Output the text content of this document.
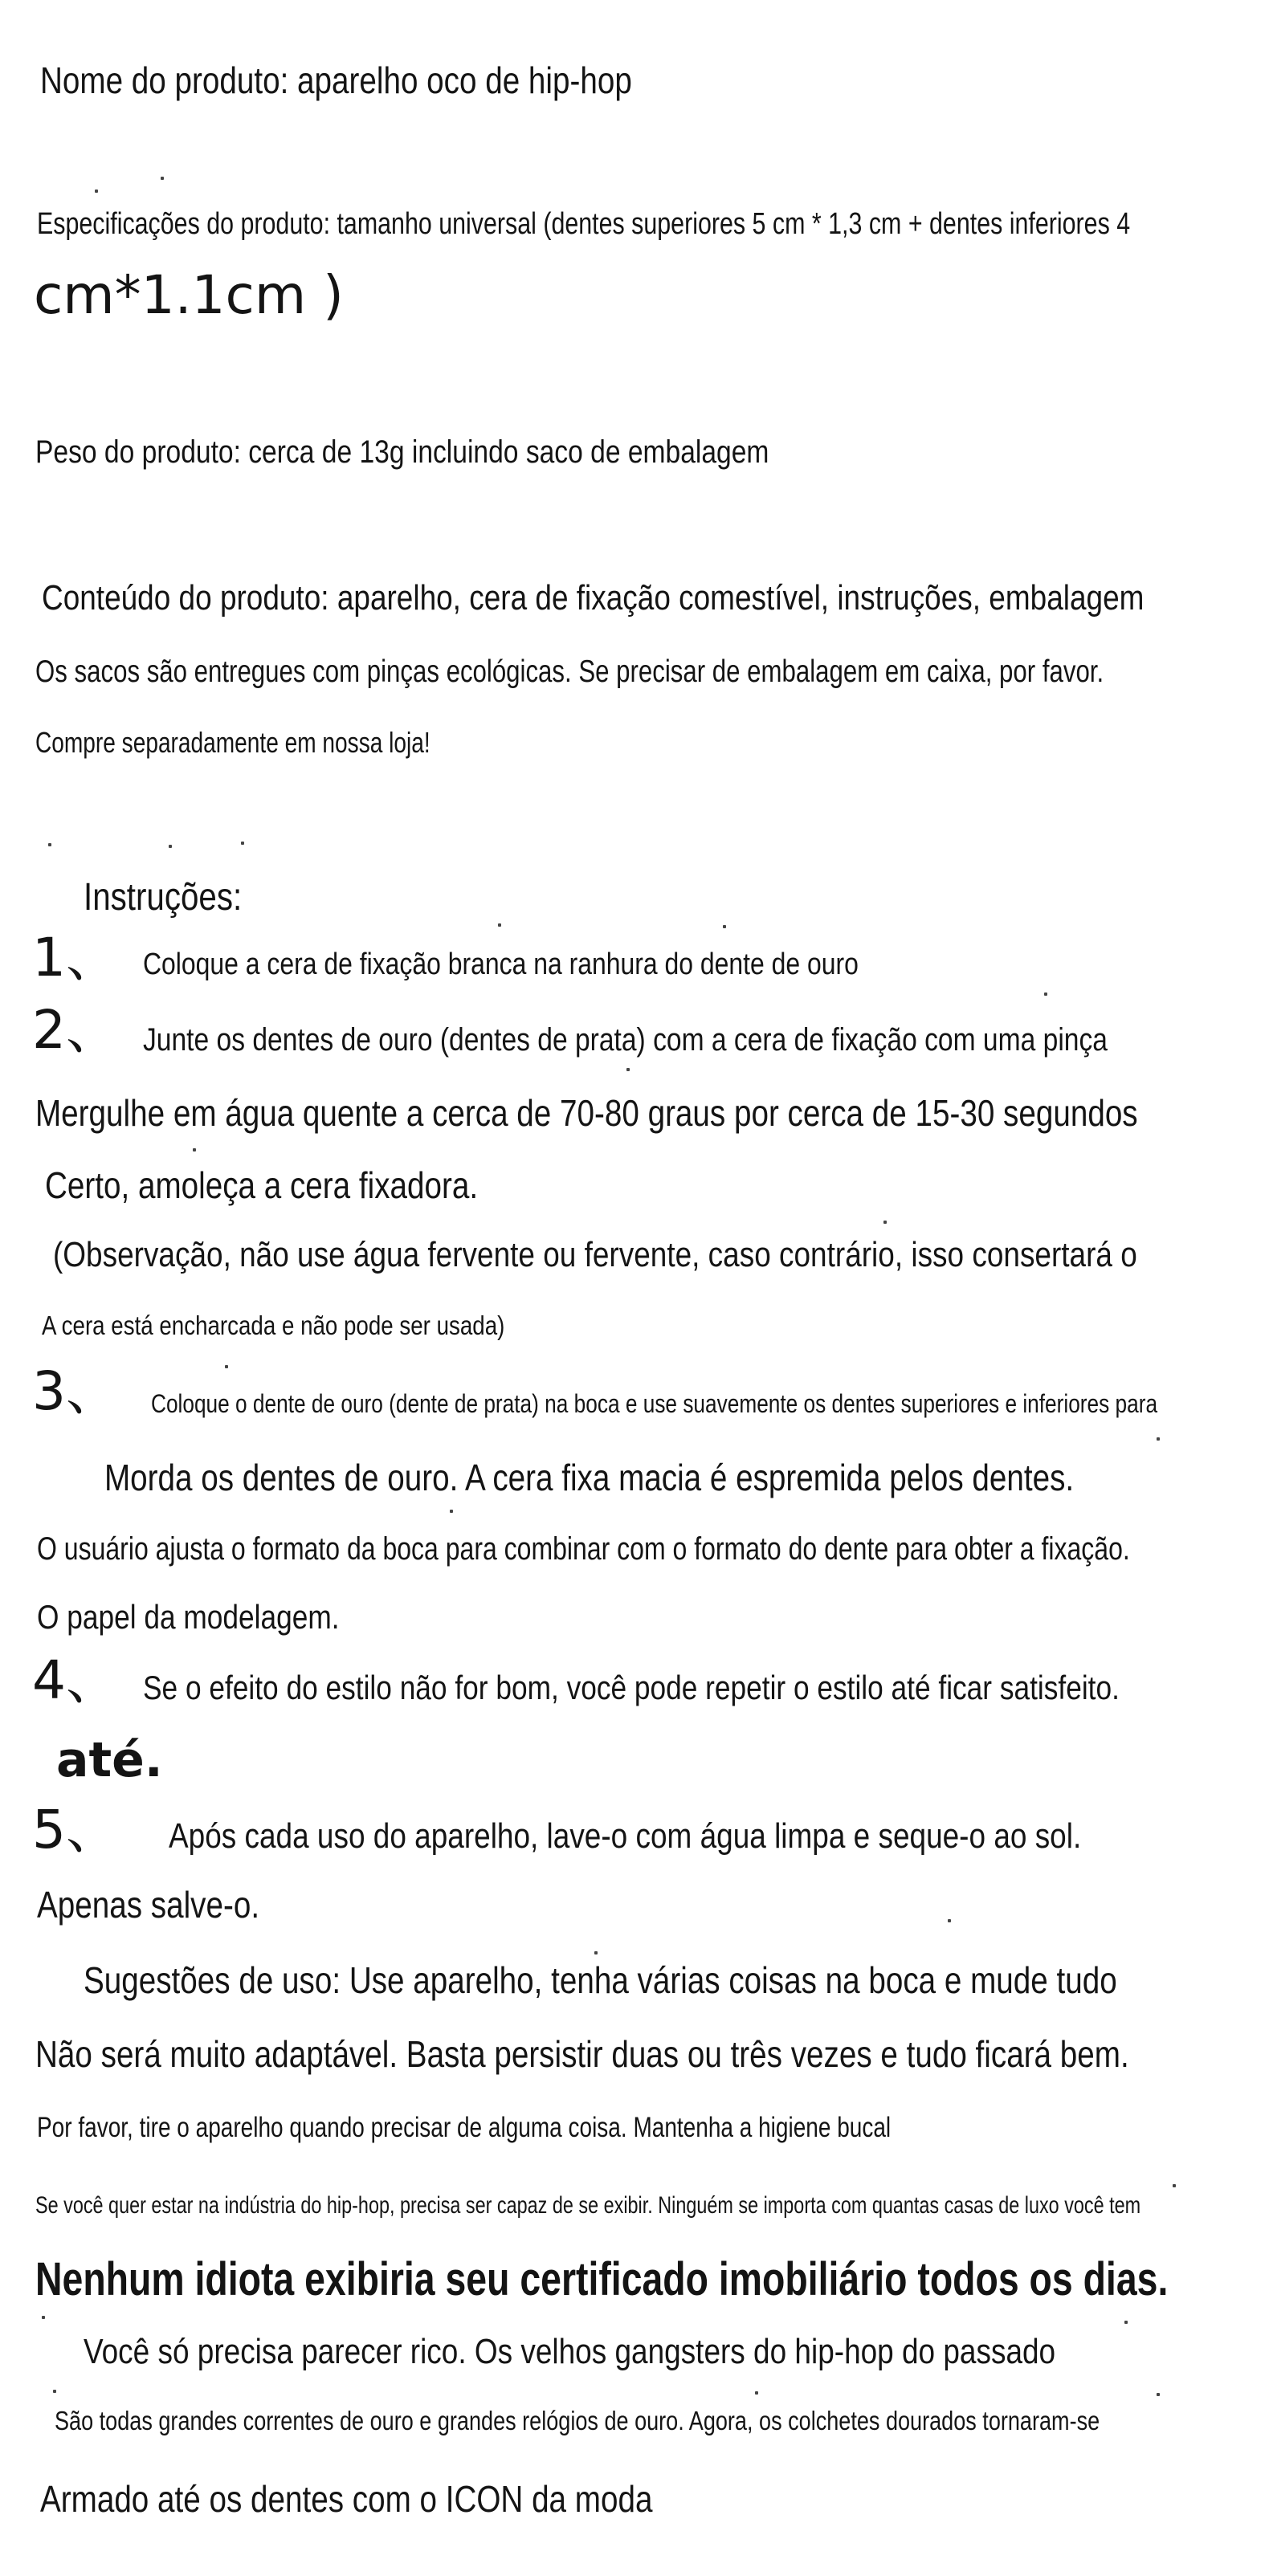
Nome do produto: aparelho oco de hip-hop
Especificações do produto: tamanho universal (dentes superiores 5 cm * 1,3 cm + dentes inferiores 4
cm*1.1cm )
Peso do produto: cerca de 13g incluindo saco de embalagem
Conteúdo do produto: aparelho, cera de fixação comestível, instruções, embalagem
Os sacos são entregues com pinças ecológicas. Se precisar de embalagem em caixa, por favor.
Compre separadamente em nossa loja!
Instruções:
1、 Coloque a cera de fixação branca na ranhura do dente de ouro
2、 Junte os dentes de ouro (dentes de prata) com a cera de fixação com uma pinça
Mergulhe em água quente a cerca de 70-80 graus por cerca de 15-30 segundos
Certo, amoleça a cera fixadora.
(Observação, não use água fervente ou fervente, caso contrário, isso consertará o
A cera está encharcada e não pode ser usada)
3、 Coloque o dente de ouro (dente de prata) na boca e use suavemente os dentes superiores e inferiores para
Morda os dentes de ouro. A cera fixa macia é espremida pelos dentes.
O usuário ajusta o formato da boca para combinar com o formato do dente para obter a fixação.
O papel da modelagem.
4、 Se o efeito do estilo não for bom, você pode repetir o estilo até ficar satisfeito.
até.
5、 Após cada uso do aparelho, lave-o com água limpa e seque-o ao sol.
Apenas salve-o.
Sugestões de uso: Use aparelho, tenha várias coisas na boca e mude tudo
Não será muito adaptável. Basta persistir duas ou três vezes e tudo ficará bem.
Por favor, tire o aparelho quando precisar de alguma coisa. Mantenha a higiene bucal
Se você quer estar na indústria do hip-hop, precisa ser capaz de se exibir. Ninguém se importa com quantas casas de luxo você tem
Nenhum idiota exibiria seu certificado imobiliário todos os dias.
Você só precisa parecer rico. Os velhos gangsters do hip-hop do passado
São todas grandes correntes de ouro e grandes relógios de ouro. Agora, os colchetes dourados tornaram-se
Armado até os dentes com o ICON da moda
